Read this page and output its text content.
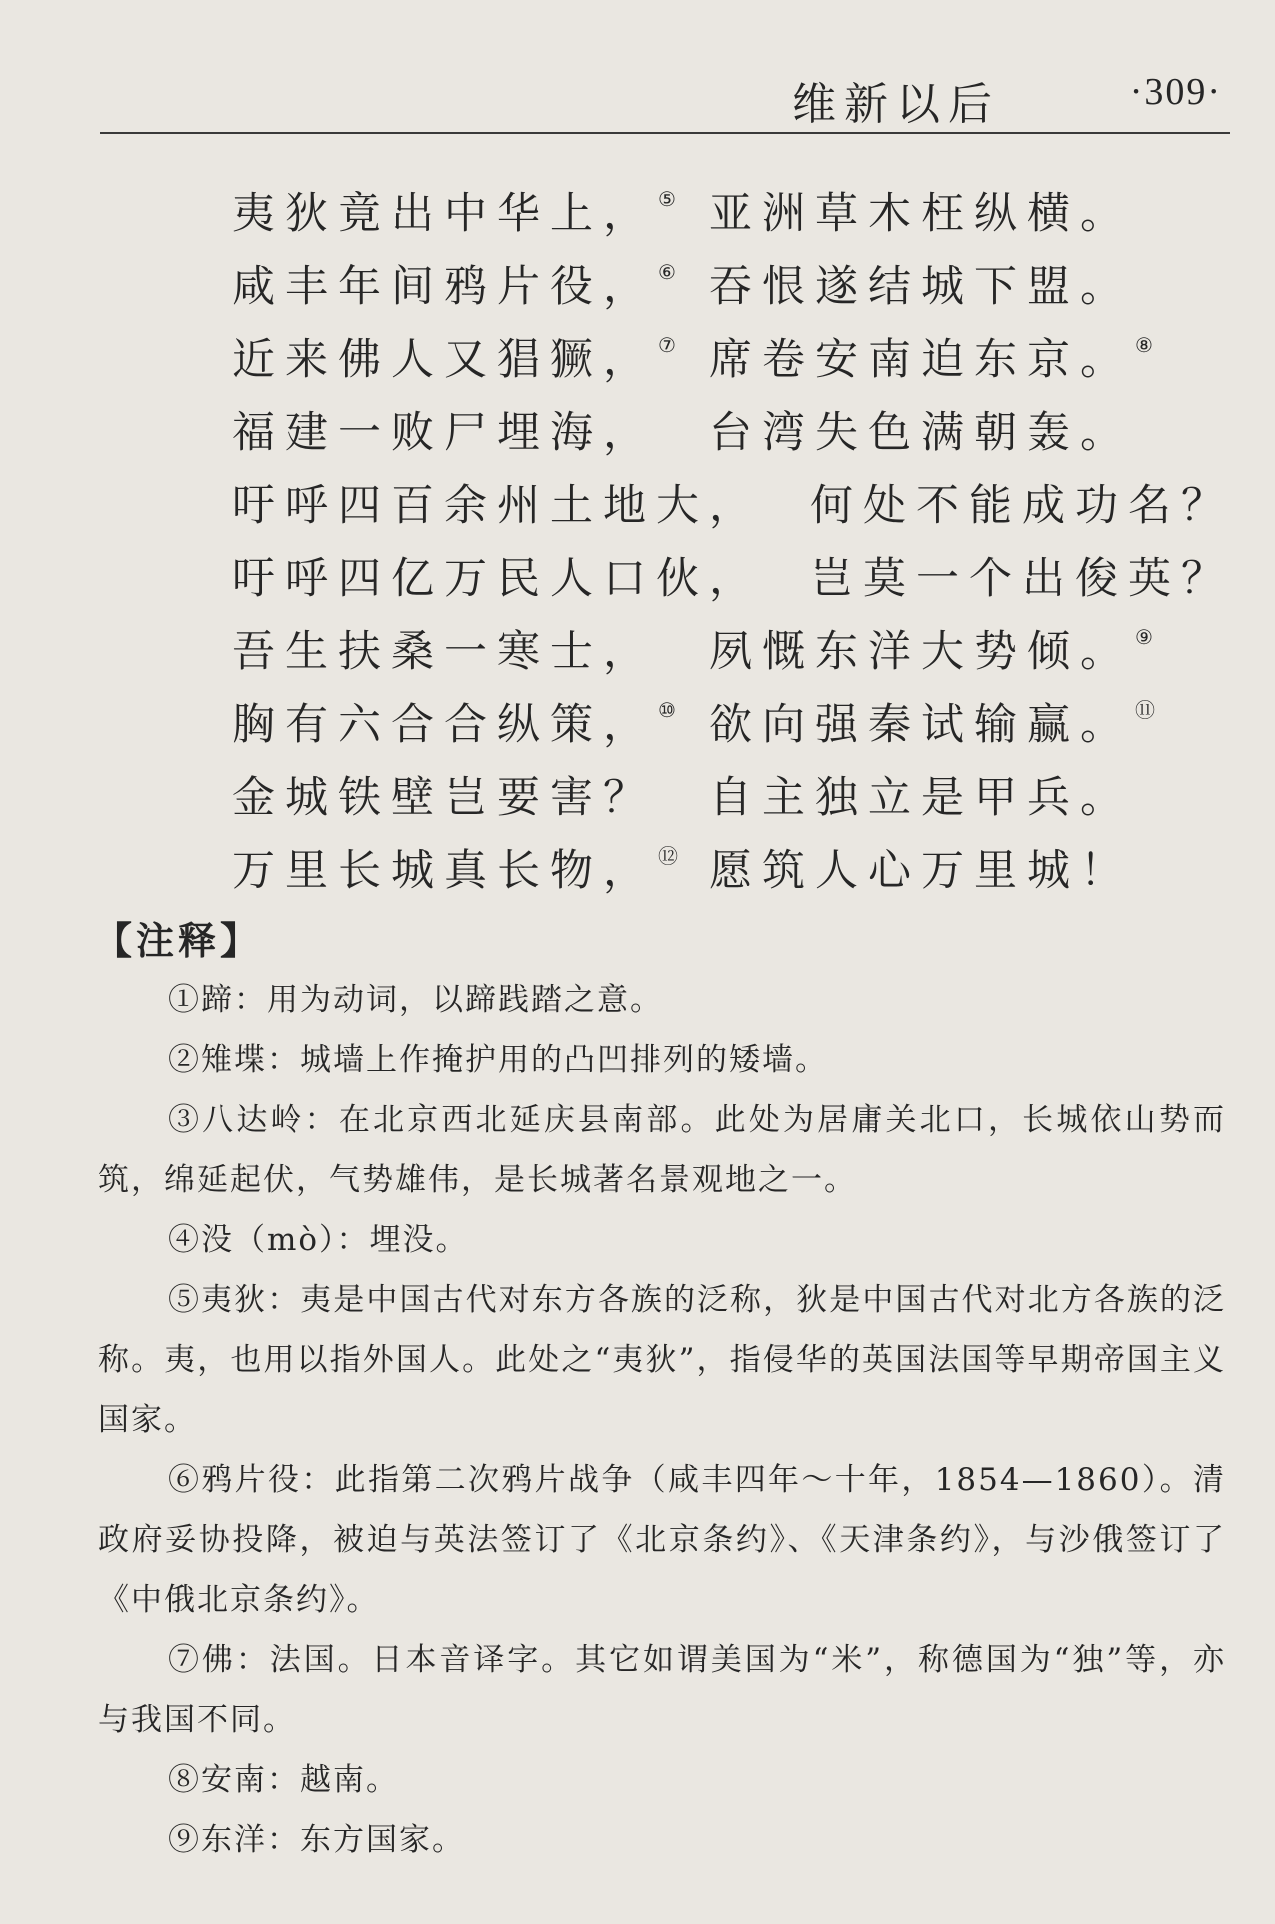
维新以后	·309·
夷狄竟出中华上， ⑤ 亚洲草木枉纵横。
咸丰年间鸦片役， ⑥ 吞恨遂结城下盟。
近来佛人又猖獗， ⑦ 席卷安南迫东京。 ⑧
福建一败尸埋海， 台湾失色满朝轰。
吁呼四百余州土地大， 何处不能成功名？
吁呼四亿万民人口伙， 岂莫一个出俊英？
吾生扶桑一寒士， 夙慨东洋大势倾。 ⑨
胸有六合合纵策， ⑩ 欲向强秦试输赢。 ⑪
金城铁壁岂要害？ 自主独立是甲兵。
万里长城真长物， ⑫ 愿筑人心万里城！
【注释】

①蹄：用为动词，以蹄践踏之意。

②雉堞：城墙上作掩护用的凸凹排列的矮墙。

③八达岭：在北京西北延庆县南部。此处为居庸关北口，长城依山势而筑，绵延起伏，气势雄伟，是长城著名景观地之一。

④没（mò）：埋没。

⑤夷狄：夷是中国古代对东方各族的泛称，狄是中国古代对北方各族的泛称。夷，也用以指外国人。此处之“夷狄”，指侵华的英国法国等早期帝国主义国家。

⑥鸦片役：此指第二次鸦片战争（咸丰四年～十年，1854—1860）。清政府妥协投降，被迫与英法签订了《北京条约》、《天津条约》，与沙俄签订了《中俄北京条约》。

⑦佛：法国。日本音译字。其它如谓美国为“米”，称德国为“独”等，亦与我国不同。

⑧安南：越南。

⑨东洋：东方国家。
